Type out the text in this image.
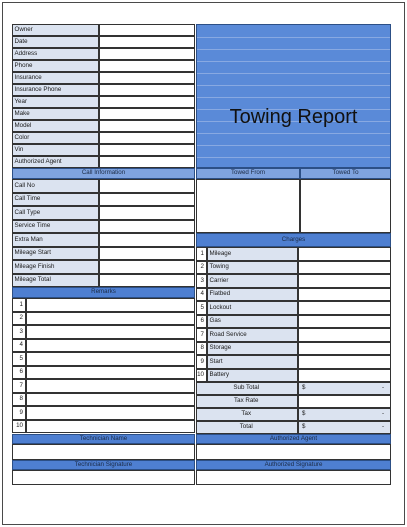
Owner
Date
Address
Phone
Insurance
Insurance Phone
Year
Make
Model
Color
Vin
Authorized Agent
Towing Report
Call Information
Call No
Call Time
Call Type
Service Time
Extra Man
Mileage Start
Mileage Finish
Mileage Total
Towed From	Towed To
Remarks
1
2
3
4
5
6
7
8
9
10
Charges
1 Mileage
2 Towing
3 Carrier
4 Flatbed
5 Lockout
6 Gas
7 Road Service
8 Storage
9 Start
10 Battery
Sub Total	$	-
Tax Rate
Tax	$	-
Total	$	-
Technician Name	Authorized Agent
Technician Signature	Authorized Signature
